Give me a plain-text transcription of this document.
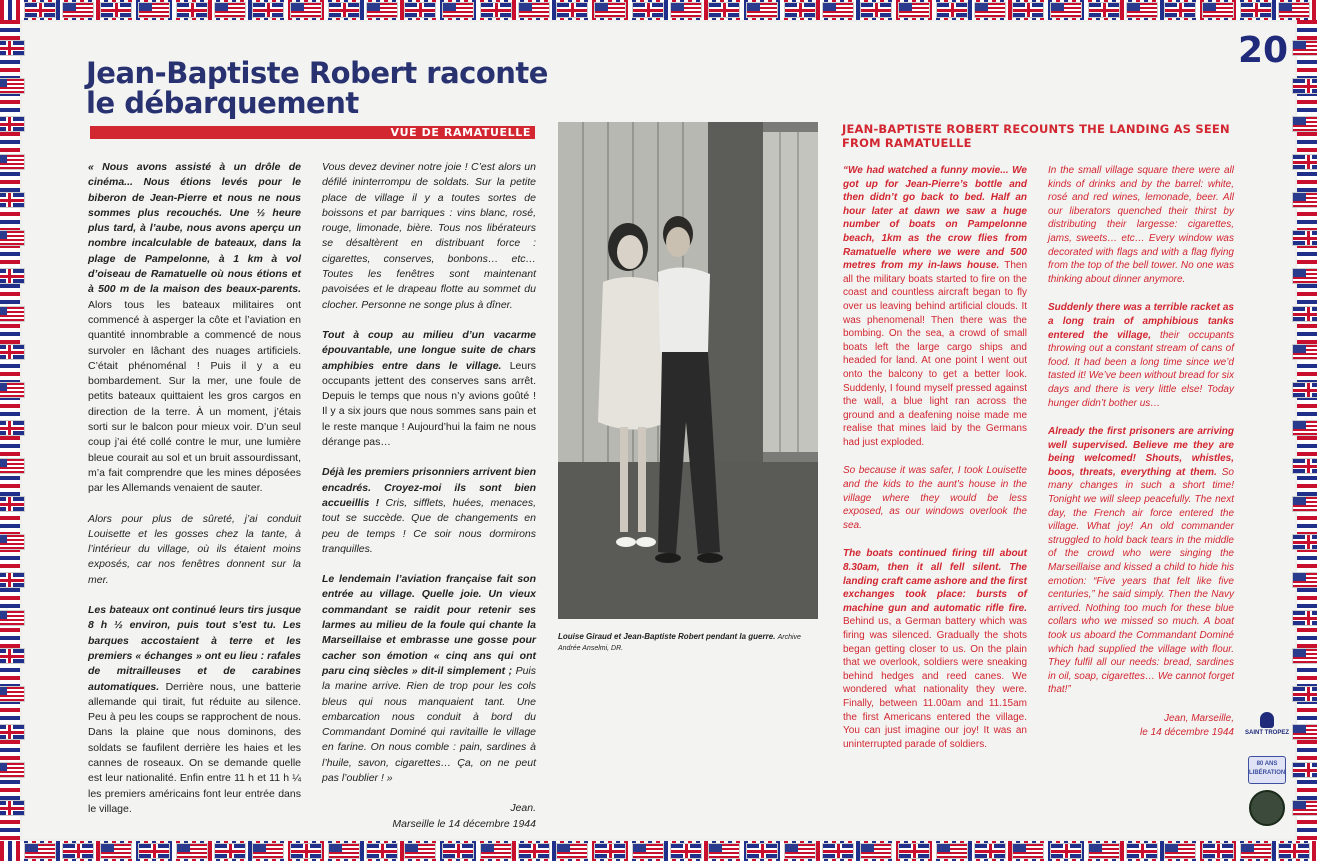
20
Jean-Baptiste Robert raconte le débarquement
VUE DE RAMATUELLE

« Nous avons assisté à un drôle de cinéma... Nous étions levés pour le biberon de Jean-Pierre et nous ne nous sommes plus recouchés. Une ½ heure plus tard, à l’aube, nous avons aperçu un nombre incalculable de bateaux, dans la plage de Pampelonne, à 1 km à vol d’oiseau de Ramatuelle où nous étions et à 500 m de la maison des beaux-parents. Alors tous les bateaux militaires ont commencé à asperger la côte et l’aviation en quantité innombrable a commencé de nous survoler en lâchant des nuages artificiels. C’était phénoménal ! Puis il y a eu bombardement. Sur la mer, une foule de petits bateaux quittaient les gros cargos en direction de la terre. À un moment, j’étais sorti sur le balcon pour mieux voir. D’un seul coup j’ai été collé contre le mur, une lumière bleue courait au sol et un bruit assourdissant, m’a fait comprendre que les mines déposées par les Allemands venaient de sauter.

Alors pour plus de sûreté, j’ai conduit Louisette et les gosses chez la tante, à l’intérieur du village, où ils étaient moins exposés, car nos fenêtres donnent sur la mer.

Les bateaux ont continué leurs tirs jusque 8 h ½ environ, puis tout s’est tu. Les barques accostaient à terre et les premiers « échanges » ont eu lieu : rafales de mitrailleuses et de carabines automatiques. Derrière nous, une batterie allemande qui tirait, fut réduite au silence. Peu à peu les coups se rapprochent de nous. Dans la plaine que nous dominons, des soldats se faufilent derrière les haies et les cannes de roseaux. On se demande quelle est leur nationalité. Enfin entre 11 h et 11 h ¼ les premiers américains font leur entrée dans le village.

Vous devez deviner notre joie ! C’est alors un défilé ininterrompu de soldats. Sur la petite place de village il y a toutes sortes de boissons et par barriques : vins blanc, rosé, rouge, limonade, bière. Tous nos libérateurs se désaltèrent en distribuant force : cigarettes, conserves, bonbons… etc…Toutes les fenêtres sont maintenant pavoisées et le drapeau flotte au sommet du clocher. Personne ne songe plus à dîner.

Tout à coup au milieu d’un vacarme épouvantable, une longue suite de chars amphibies entre dans le village. Leurs occupants jettent des conserves sans arrêt. Depuis le temps que nous n’y avions goûté ! Il y a six jours que nous sommes sans pain et le reste manque ! Aujourd’hui la faim ne nous dérange pas…

Déjà les premiers prisonniers arrivent bien encadrés. Croyez-moi ils sont bien accueillis ! Cris, sifflets, huées, menaces, tout se succède. Que de changements en peu de temps ! Ce soir nous dormirons tranquilles.

Le lendemain l’aviation française fait son entrée au village. Quelle joie. Un vieux commandant se raidit pour retenir ses larmes au milieu de la foule qui chante la Marseillaise et embrasse une gosse pour cacher son émotion « cinq ans qui ont paru cinq siècles » dit-il simplement ; Puis la marine arrive. Rien de trop pour les cols bleus qui nous manquaient tant. Une embarcation nous conduit à bord du Commandant Dominé qui ravitaille le village en farine. On nous comble : pain, sardines à l’huile, savon, cigarettes… Ça, on ne peut pas l’oublier ! »

Jean.
Marseille le 14 décembre 1944
Louise Giraud et Jean-Baptiste Robert pendant la guerre. Archive Andrée Anselmi, DR.
JEAN-BAPTISTE ROBERT RECOUNTS THE LANDING AS SEEN FROM RAMATUELLE

“We had watched a funny movie... We got up for Jean-Pierre’s bottle and then didn’t go back to bed. Half an hour later at dawn we saw a huge number of boats on Pampelonne beach, 1km as the crow flies from Ramatuelle where we were and 500 metres from my in-laws house. Then all the military boats started to fire on the coast and countless aircraft began to fly over us leaving behind artificial clouds. It was phenomenal! Then there was the bombing. On the sea, a crowd of small boats left the large cargo ships and headed for land. At one point I went out onto the balcony to get a better look. Suddenly, I found myself pressed against the wall, a blue light ran across the ground and a deafening noise made me realise that mines laid by the Germans had just exploded.

So because it was safer, I took Louisette and the kids to the aunt’s house in the village where they would be less exposed, as our windows overlook the sea.

The boats continued firing till about 8.30am, then it all fell silent. The landing craft came ashore and the first exchanges took place: bursts of machine gun and automatic rifle fire. Behind us, a German battery which was firing was silenced. Gradually the shots began getting closer to us. On the plain that we overlook, soldiers were sneaking behind hedges and reed canes. We wondered what nationality they were. Finally, between 11.00am and 11.15am the first Americans entered the village. You can just imagine our joy! It was an uninterrupted parade of soldiers.

In the small village square there were all kinds of drinks and by the barrel: white, rosé and red wines, lemonade, beer. All our liberators quenched their thirst by distributing their largesse: cigarettes, jams, sweets… etc… Every window was decorated with flags and with a flag flying from the top of the bell tower. No one was thinking about dinner anymore.

Suddenly there was a terrible racket as a long train of amphibious tanks entered the village, their occupants throwing out a constant stream of cans of food. It had been a long time since we’d tasted it! We’ve been without bread for six days and there is very little else! Today hunger didn’t bother us…

Already the first prisoners are arriving well supervised. Believe me they are being welcomed! Shouts, whistles, boos, threats, everything at them. So many changes in such a short time! Tonight we will sleep peacefully. The next day, the French air force entered the village. What joy! An old commander struggled to hold back tears in the middle of the crowd who were singing the Marseillaise and kissed a child to hide his emotion: “Five years that felt like five centuries,” he said simply. Then the Navy arrived. Nothing too much for these blue collars who we missed so much. A boat took us aboard the Commandant Dominé which had supplied the village with flour. They fulfil all our needs: bread, sardines in oil, soap, cigarettes… We cannot forget that!”

Jean, Marseille,
le 14 décembre 1944 SAINT TROPEZ
80 ANS
LIBÉRATION
